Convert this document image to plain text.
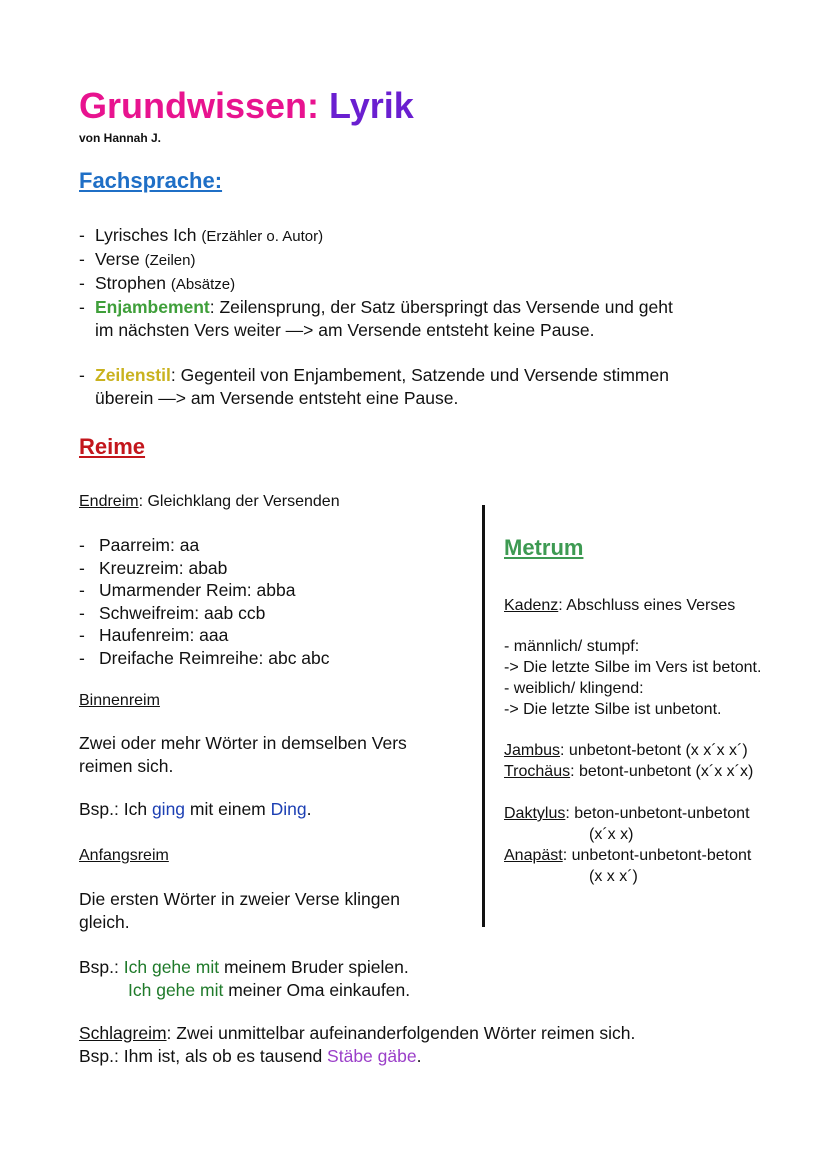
Grundwissen: Lyrik
von Hannah J.
Fachsprache:
- Lyrisches Ich (Erzähler o. Autor)
- Verse (Zeilen)
- Strophen (Absätze)
- Enjambement: Zeilensprung, der Satz überspringt das Versende und geht
im nächsten Vers weiter —> am Versende entsteht keine Pause.
- Zeilenstil: Gegenteil von Enjambement, Satzende und Versende stimmen
überein —> am Versende entsteht eine Pause.
Reime
Endreim: Gleichklang der Versenden
- Paarreim: aa
- Kreuzreim: abab
- Umarmender Reim: abba
- Schweifreim: aab ccb
- Haufenreim: aaa
- Dreifache Reimreihe: abc abc
Binnenreim
Zwei oder mehr Wörter in demselben Vers
reimen sich.
Bsp.: Ich ging mit einem Ding.
Anfangsreim
Die ersten Wörter in zweier Verse klingen
gleich.
Bsp.: Ich gehe mit meinem Bruder spielen.
Ich gehe mit meiner Oma einkaufen.
Schlagreim: Zwei unmittelbar aufeinanderfolgenden Wörter reimen sich.
Bsp.: Ihm ist, als ob es tausend Stäbe gäbe.
Metrum
Kadenz: Abschluss eines Verses
- männlich/ stumpf:
-> Die letzte Silbe im Vers ist betont.
- weiblich/ klingend:
-> Die letzte Silbe ist unbetont.
Jambus: unbetont-betont (x x´x x´)
Trochäus: betont-unbetont (x´x x´x)
Daktylus: beton-unbetont-unbetont
(x´x x)
Anapäst: unbetont-unbetont-betont
(x x x´)
